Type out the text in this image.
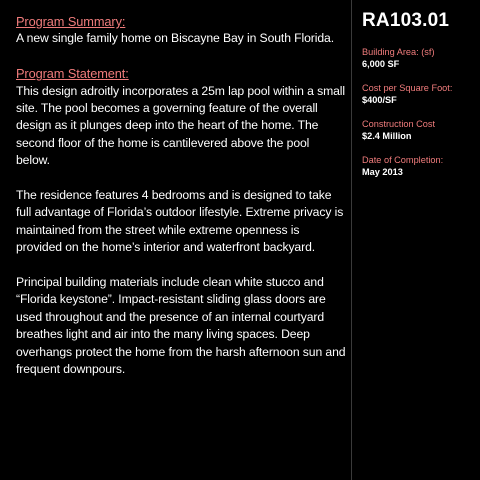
Program Summary:
A new single family home on Biscayne Bay in South Florida.
Program Statement:
This design adroitly incorporates a 25m lap pool within a small site. The pool becomes a governing feature of the overall design as it plunges deep into the heart of the home. The second floor of the home is cantilevered above the pool below.
The residence features 4 bedrooms and is designed to take full advantage of Florida’s outdoor lifestyle. Extreme privacy is maintained from the street while extreme openness is provided on the home’s interior and waterfront backyard.
Principal building materials include clean white stucco and “Florida keystone”. Impact-resistant sliding glass doors are used throughout and the presence of an internal courtyard breathes light and air into the many living spaces. Deep overhangs protect the home from the harsh afternoon sun and frequent downpours.
RA103.01
Building Area: (sf)
6,000 SF
Cost per Square Foot:
$400/SF
Construction Cost
$2.4 Million
Date of Completion:
May 2013
